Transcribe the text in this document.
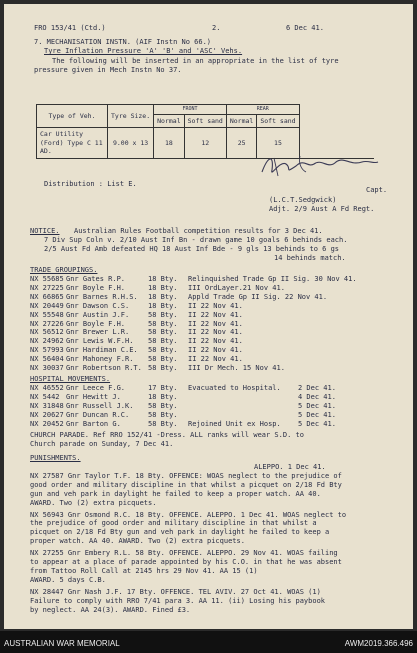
FRO 153/41 (Ctd.)	2.	6 Dec 41.
7. MECHANISATION INSTN. (AIF Instn No 66.)
Tyre Inflation Pressure 'A' 'B' and 'ASC' Vehs.
The following will be inserted in an appropriate in the list of tyre
pressure given in Mech Instn No 37.
Type of Veh.	Tyre Size.	FRONT		REAR	
		Normal	Soft sand	Normal	Soft sand
Car Utility (Ford) Type C 11 AD.	9.00 x 13	18	12	25	15
Distribution : List E.
Capt.
(L.C.T.Sedgwick)
Adjt. 2/9 Aust A Fd Regt.
NOTICE. Australian Rules Football competition results for 3 Dec 41.
7 Div Sup Coln v. 2/10 Aust Inf Bn - drawn game 10 goals 6 behinds each.
2/5 Aust Fd Amb defeated HQ 18 Aust Inf Bde - 9 gls 13 behinds to 6 gs
14 behinds match.
TRADE GROUPINGS.
NX 55685 Gnr Gates R.P.	18 Bty. Relinquished Trade Gp II Sig. 30 Nov 41.
NX 27225 Gnr Boyle F.H.	18 Bty. III OrdLayer.21 Nov 41.
NX 66865 Gnr Barnes R.H.S. 18 Bty. Appld Trade Gp II Sig. 22 Nov 41.
NX 20449 Gnr Dawson C.S.	18 Bty. II 22 Nov 41.
NX 55548 Gnr Austin J.F.	58 Bty. II 22 Nov 41.
NX 27226 Gnr Boyle F.H.	58 Bty. II 22 Nov 41.
NX 56512 Gnr Brewer L.R.	58 Bty. II 22 Nov 41.
NX 24962 Gnr Lewis W.F.H. 58 Bty. II 22 Nov 41.
NX 57993 Gnr Hardiman C.E. 58 Bty. II 22 Nov 41.
NX 56404 Gnr Mahoney F.R. 58 Bty. II 22 Nov 41.
NX 30037 Gnr Robertson R.T. 58 Bty. III Dr Mech. 15 Nov 41.
HOSPITAL MOVEMENTS.
NX 46552 Gnr Leece F.G.	17 Bty. Evacuated to Hospital. 2 Dec 41.
NX 5442 Gnr Hewitt J.	18 Bty.	4 Dec 41.
NX 31848 Gnr Russell J.K. 58 Bty.	5 Dec 41.
NX 20627 Gnr Duncan R.C.	58 Bty.	5 Dec 41.
NX 20452 Gnr Barton G.	58 Bty. Rejoined Unit ex Hosp. 5 Dec 41.
CHURCH PARADE. Ref RRO 152/41 -Dress. ALL ranks will wear S.D. to
Church parade on Sunday, 7 Dec 41.
PUNISHMENTS.
ALEPPO. 1 Dec 41.
NX 27587 Gnr Taylor T.F. 18 Bty. OFFENCE: WOAS neglect to the prejudice of
good order and military discipline in that whilst a picquet on 2/18 Fd Bty
gun and veh park in daylight he failed to keep a proper watch. AA 40.
AWARD. Two (2) extra picquets.
NX 56943 Gnr Osmond R.C. 18 Bty. OFFENCE. ALEPPO. 1 Dec 41. WOAS neglect to
the prejudice of good order and military discipline in that whilst a
picquet on 2/18 Fd Bty gun and veh park in daylight he failed to keep a
proper watch. AA 40. AWARD. Two (2) extra picquets.
NX 27255 Gnr Embery R.L. 58 Bty. OFFENCE. ALEPPO. 29 Nov 41. WOAS failing
to appear at a place of parade appointed by his C.O. in that he was absent
from Tattoo Roll Call at 2145 hrs 29 Nov 41. AA 15 (1)
AWARD. 5 days C.B.
NX 28447 Gnr Nash J.F. 17 Bty. OFFENCE. TEL AVIV. 27 Oct 41. WOAS (1)
Failure to comply with RRO 7/41 para 3. AA 11. (ii) Losing his paybook
by neglect. AA 24(3). AWARD. Fined £3.
AUSTRALIAN WAR MEMORIAL	AWM2019.366.496
